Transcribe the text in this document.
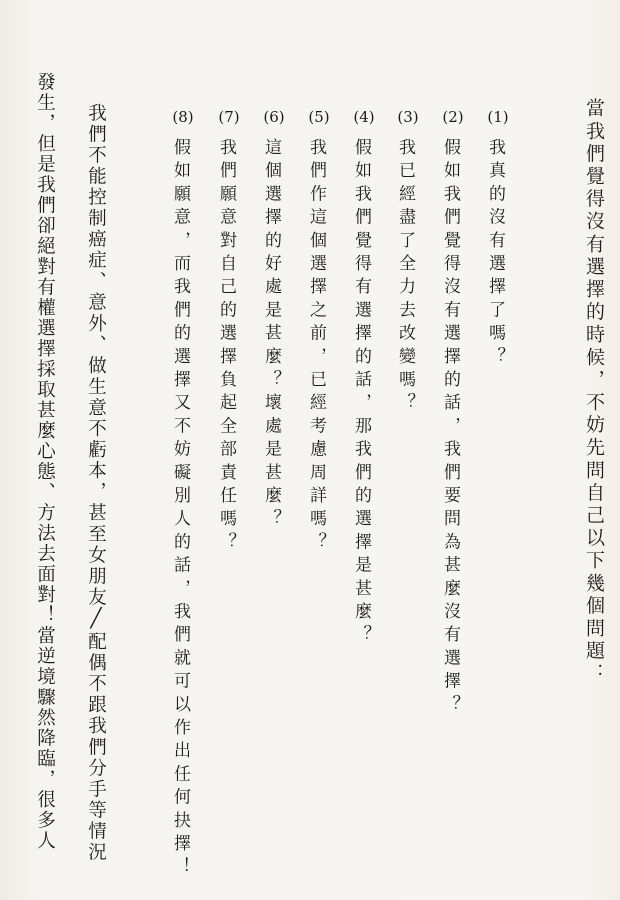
當我們覺得沒有選擇的時候，不妨先問自己以下幾個問題：
(1)
我真的沒有選擇了嗎？
(2)
假如我們覺得沒有選擇的話，我們要問為甚麼沒有選擇？
(3)
我已經盡了全力去改變嗎？
(4)
假如我們覺得有選擇的話，那我們的選擇是甚麼？
(5)
我們作這個選擇之前，已經考慮周詳嗎？
(6)
這個選擇的好處是甚麼？壞處是甚麼？
(7)
我們願意對自己的選擇負起全部責任嗎？
(8)
假如願意，而我們的選擇又不妨礙別人的話，我們就可以作出任何抉擇！
我們不能控制癌症、意外、做生意不虧本，甚至女朋友╱配偶不跟我們分手等情況
發生，但是我們卻絕對有權選擇採取甚麼心態、方法去面對！當逆境驟然降臨，很多人
